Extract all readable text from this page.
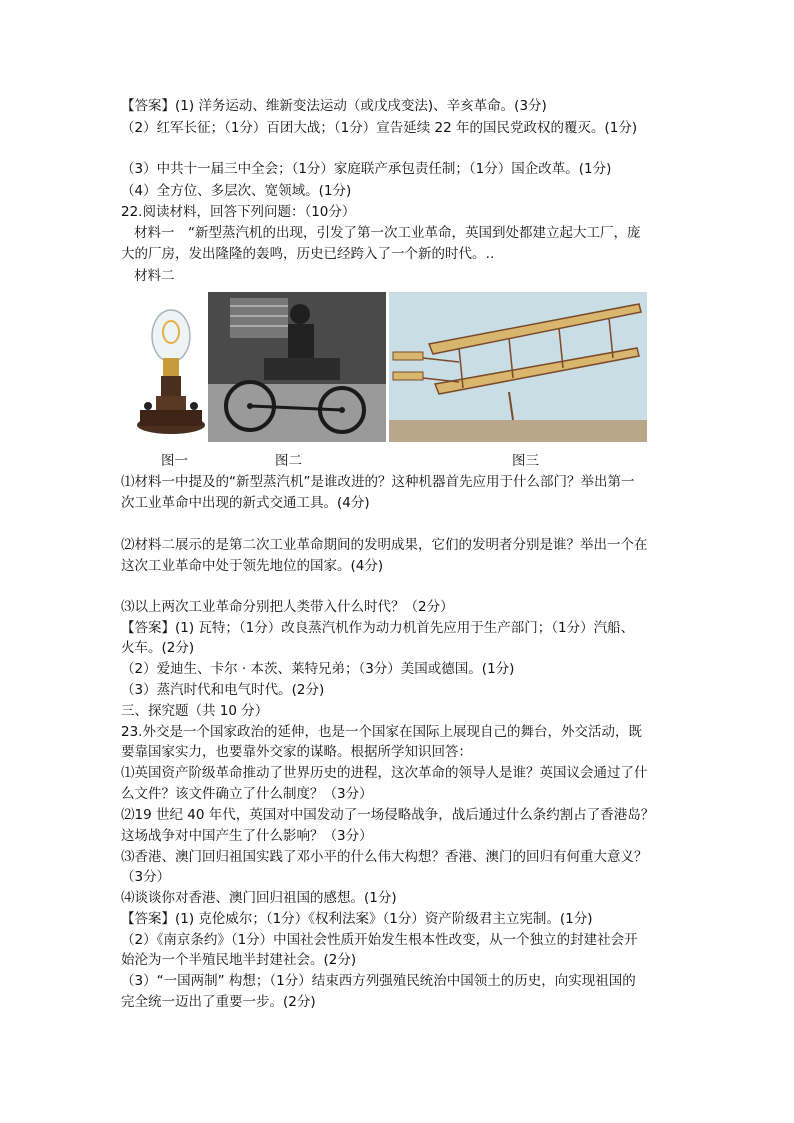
【答案】(1) 洋务运动、维新变法运动（或戊戌变法)、辛亥革命。(3分)
（2）红军长征；（1分）百团大战；（1分）宣告延续 22 年的国民党政权的覆灭。(1分)
（3）中共十一届三中全会；（1分）家庭联产承包责任制；（1分）国企改革。(1分)
（4）全方位、多层次、宽领域。(1分)
22.阅读材料，回答下列问题：（10分）
材料一　“新型蒸汽机的出现，引发了第一次工业革命，英国到处都建立起大工厂，庞
大的厂房，发出隆隆的轰鸣，历史已经跨入了一个新的时代。‥
材料二
图一	图二	图三
⑴材料一中提及的“新型蒸汽机”是谁改进的？这种机器首先应用于什么部门？举出第一
次工业革命中出现的新式交通工具。(4分)
⑵材料二展示的是第二次工业革命期间的发明成果，它们的发明者分别是谁？举出一个在
这次工业革命中处于领先地位的国家。(4分)
⑶以上两次工业革命分别把人类带入什么时代？（2分）
【答案】(1) 瓦特；（1分）改良蒸汽机作为动力机首先应用于生产部门；（1分）汽船、
火车。(2分)
（2）爱迪生、卡尔 · 本茨、莱特兄弟；（3分）美国或德国。(1分)
（3）蒸汽时代和电气时代。(2分)
三、探究题（共 10 分）
23.外交是一个国家政治的延伸，也是一个国家在国际上展现自己的舞台，外交活动，既
要靠国家实力，也要靠外交家的谋略。根据所学知识回答：
⑴英国资产阶级革命推动了世界历史的进程，这次革命的领导人是谁？英国议会通过了什
么文件？该文件确立了什么制度？（3分）
⑵19 世纪 40 年代，英国对中国发动了一场侵略战争，战后通过什么条约割占了香港岛？
这场战争对中国产生了什么影响？（3分）
⑶香港、澳门回归祖国实践了邓小平的什么伟大构想？香港、澳门的回归有何重大意义？
（3分）
⑷谈谈你对香港、澳门回归祖国的感想。(1分)
【答案】(1) 克伦威尔；（1分）《权利法案》（1分）资产阶级君主立宪制。(1分)
（2）《南京条约》（1分）中国社会性质开始发生根本性改变，从一个独立的封建社会开
始沦为一个半殖民地半封建社会。(2分)
（3）“一国两制” 构想；（1分）结束西方列强殖民统治中国领土的历史，向实现祖国的
完全统一迈出了重要一步。(2分)
